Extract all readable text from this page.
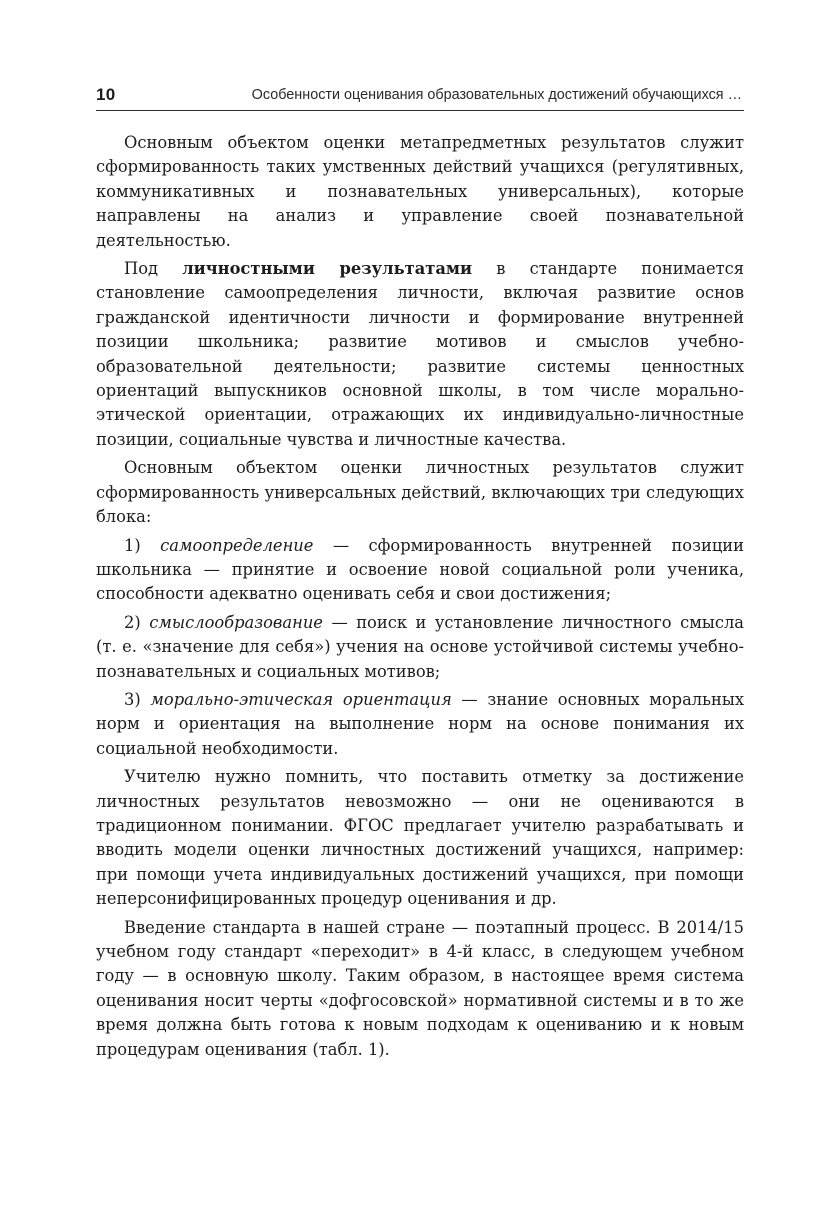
10	Особенности оценивания образовательных достижений обучающихся …

Основным объектом оценки метапредметных результатов служит сформированность таких умственных действий учащихся (регулятивных, коммуникативных и познавательных универсальных), которые направлены на анализ и управление своей познавательной деятельностью.

Под личностными результатами в стандарте понимается становление самоопределения личности, включая развитие основ гражданской идентичности личности и формирование внутренней позиции школьника; развитие мотивов и смыслов учебно-образовательной деятельности; развитие системы ценностных ориентаций выпускников основной школы, в том числе морально-этической ориентации, отражающих их индивидуально-личностные позиции, социальные чувства и личностные качества.

Основным объектом оценки личностных результатов служит сформированность универсальных действий, включающих три следующих блока:

1) самоопределение — сформированность внутренней позиции школьника — принятие и освоение новой социальной роли ученика, способности адекватно оценивать себя и свои достижения;

2) смыслообразование — поиск и установление личностного смысла (т. е. «значение для себя») учения на основе устойчивой системы учебно-познавательных и социальных мотивов;

3) морально-этическая ориентация — знание основных моральных норм и ориентация на выполнение норм на основе понимания их социальной необходимости.

Учителю нужно помнить, что поставить отметку за достижение личностных результатов невозможно — они не оцениваются в традиционном понимании. ФГОС предлагает учителю разрабатывать и вводить модели оценки личностных достижений учащихся, например: при помощи учета индивидуальных достижений учащихся, при помощи неперсонифицированных процедур оценивания и др.

Введение стандарта в нашей стране — поэтапный процесс. В 2014/15 учебном году стандарт «переходит» в 4-й класс, в следующем учебном году — в основную школу. Таким образом, в настоящее время система оценивания носит черты «дофгосовской» нормативной системы и в то же время должна быть готова к новым подходам к оцениванию и к новым процедурам оценивания (табл. 1).
